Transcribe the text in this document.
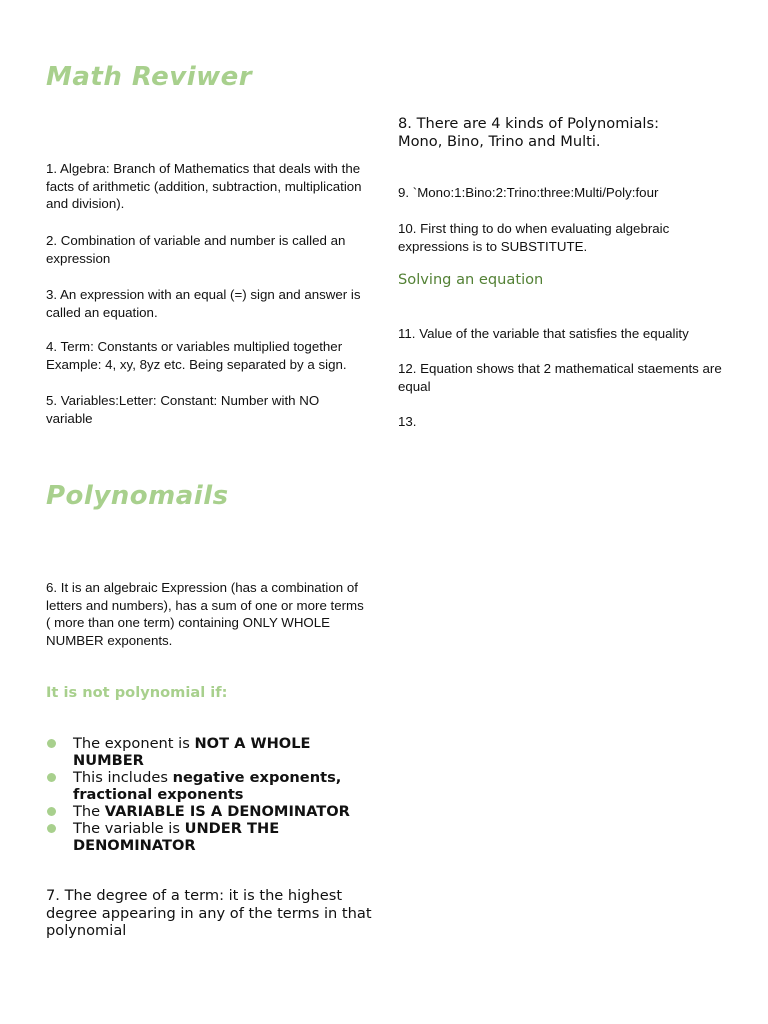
Math Reviwer
1. Algebra: Branch of Mathematics that deals with the facts of arithmetic (addition, subtraction, multiplication and division).
2. Combination of variable and number is called an expression
3. An expression with an equal (=) sign and answer is called an equation.
4. Term: Constants or variables multiplied together Example: 4, xy, 8yz etc. Being separated by a sign.
5. Variables:Letter: Constant: Number with NO variable
Polynomails
6. It is an algebraic Expression (has a combination of letters and numbers), has a sum of one or more terms ( more than one term) containing ONLY WHOLE NUMBER exponents.
It is not polynomial if:
The exponent is NOT A WHOLE NUMBER
This includes negative exponents, fractional exponents
The VARIABLE IS A DENOMINATOR
The variable is UNDER THE DENOMINATOR
7. The degree of a term: it is the highest degree appearing in any of the terms in that polynomial
8. There are 4 kinds of Polynomials: Mono, Bino, Trino and Multi.
9. `Mono:1:Bino:2:Trino:three:Multi/Poly:four
10. First thing to do when evaluating algebraic expressions is to SUBSTITUTE.
Solving an equation
11. Value of the variable that satisfies the equality
12. Equation shows that 2 mathematical staements are equal
13.
